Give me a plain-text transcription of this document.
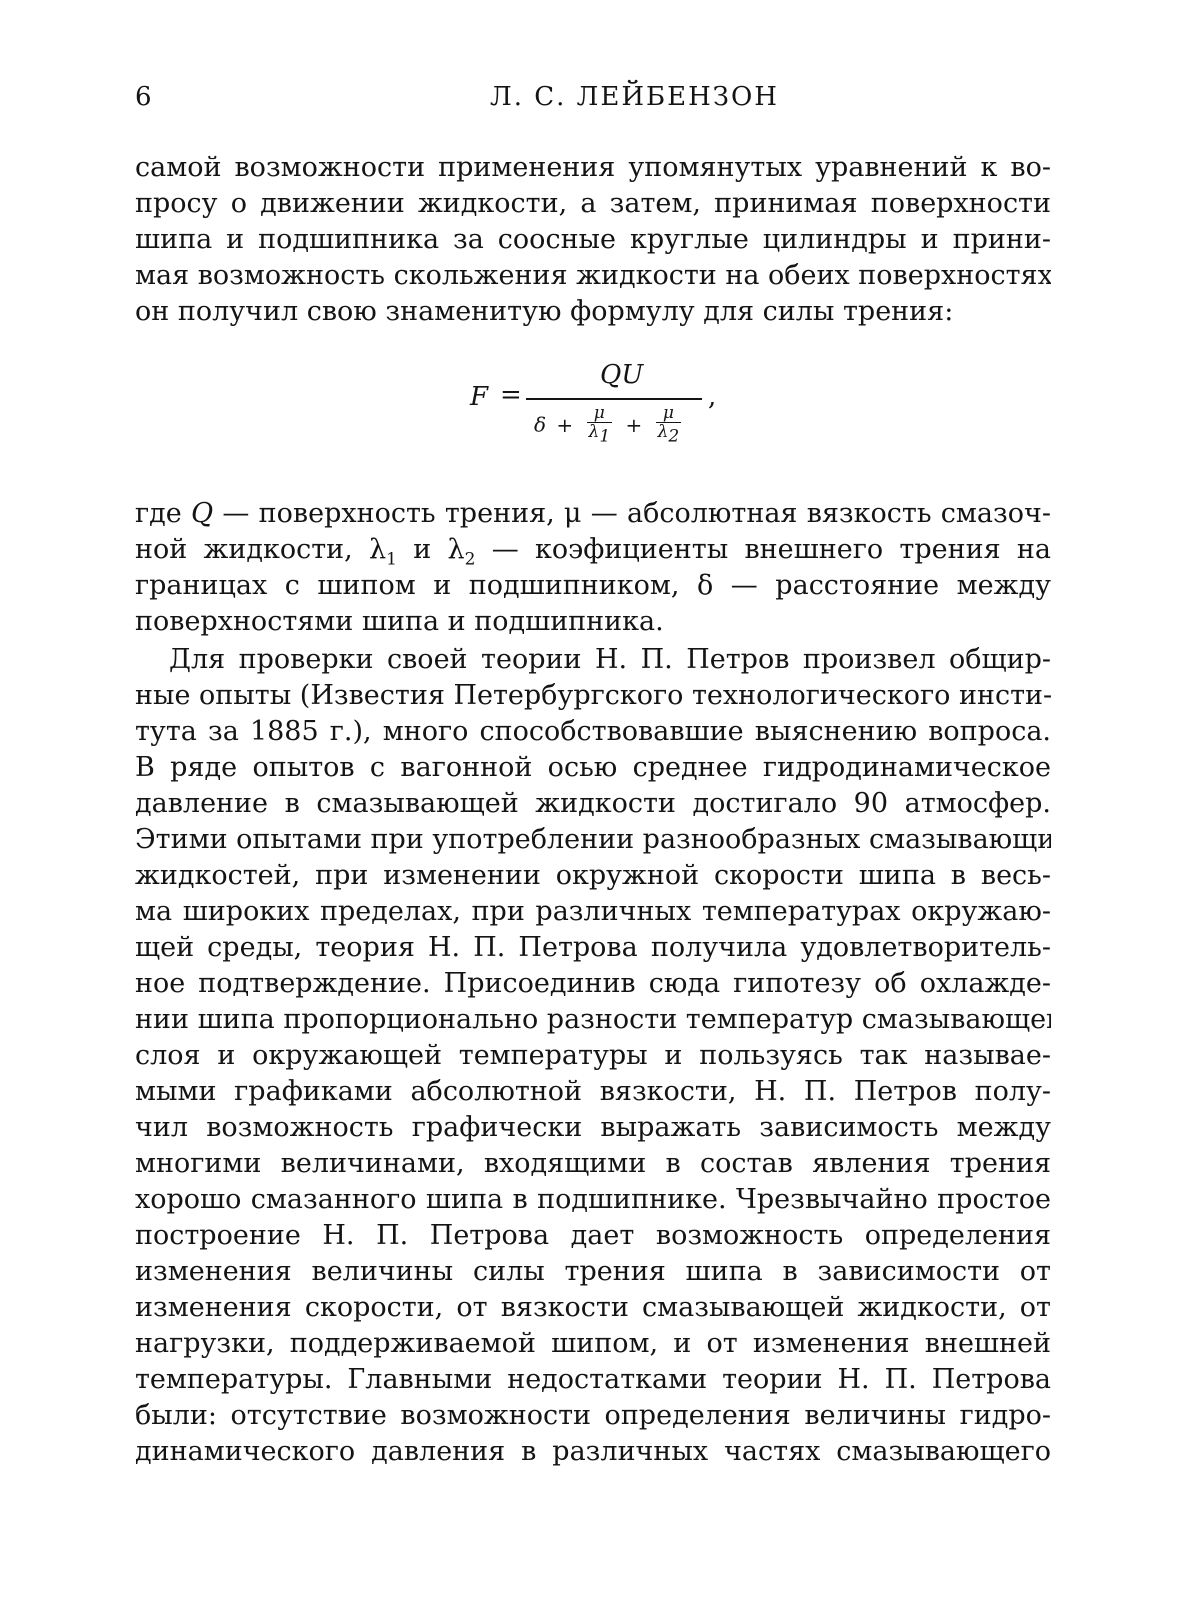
6	Л. С. ЛЕЙБЕНЗОН
самой возможности применения упомянутых уравнений к во-
просу о движении жидкости, а затем, принимая поверхности
шипа и подшипника за соосные круглые цилиндры и прини-
мая возможность скольжения жидкости на обеих поверхностях,
он получил свою знаменитую формулу для силы трения:
F =
QU
,
δ +	μ
λ1 +	μ
λ2
где Q — поверхность трения, μ — абсолютная вязкость смазоч-
ной жидкости, λ1 и λ2 — коэфициенты внешнего трения на
границах с шипом и подшипником, δ — расстояние между
поверхностями шипа и подшипника.
Для проверки своей теории Н. П. Петров произвел общир-
ные опыты (Известия Петербургского технологического инсти-
тута за 1885 г.), много способствовавшие выяснению вопроса.
В ряде опытов с вагонной осью среднее гидродинамическое
давление в смазывающей жидкости достигало 90 атмосфер.
Этими опытами при употреблении разнообразных смазывающих
жидкостей, при изменении окружной скорости шипа в весь-
ма широких пределах, при различных температурах окружаю-
щей среды, теория Н. П. Петрова получила удовлетворитель-
ное подтверждение. Присоединив сюда гипотезу об охлажде-
нии шипа пропорционально разности температур смазывающего
слоя и окружающей температуры и пользуясь так называе-
мыми графиками абсолютной вязкости, Н. П. Петров полу-
чил возможность графически выражать зависимость между
многими величинами, входящими в состав явления трения
хорошо смазанного шипа в подшипнике. Чрезвычайно простое
построение Н. П. Петрова дает возможность определения
изменения величины силы трения шипа в зависимости от
изменения скорости, от вязкости смазывающей жидкости, от
нагрузки, поддерживаемой шипом, и от изменения внешней
температуры. Главными недостатками теории Н. П. Петрова
были: отсутствие возможности определения величины гидро-
динамического давления в различных частях смазывающего
